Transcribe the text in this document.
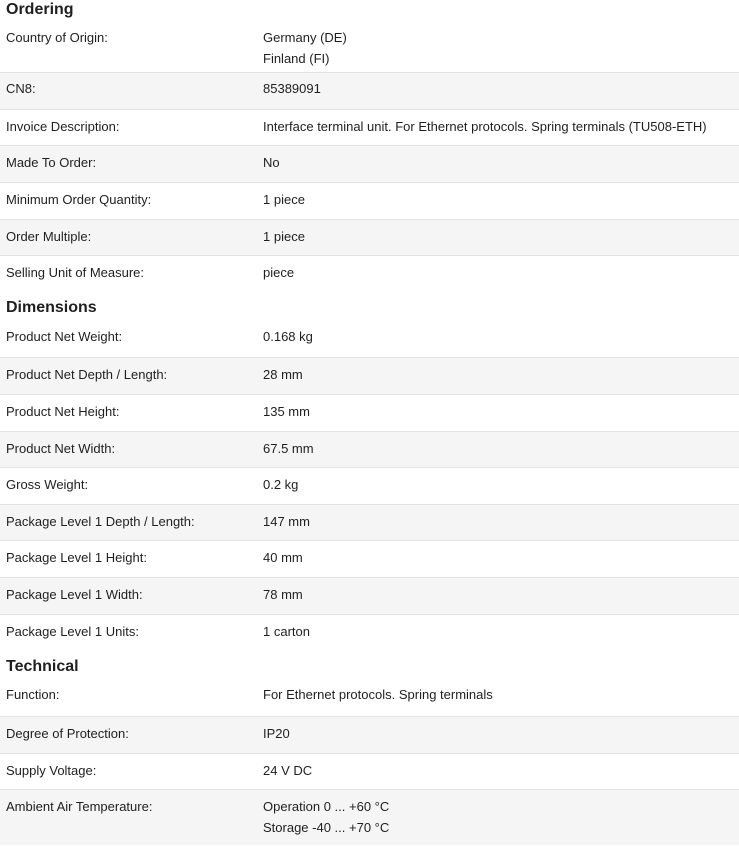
Ordering
Country of Origin:	Germany (DE)
Finland (FI)
CN8:	85389091
Invoice Description:	Interface terminal unit. For Ethernet protocols. Spring terminals (TU508-ETH)
Made To Order:	No
Minimum Order Quantity:	1 piece
Order Multiple:	1 piece
Selling Unit of Measure:	piece
Dimensions
Product Net Weight:	0.168 kg
Product Net Depth / Length:	28 mm
Product Net Height:	135 mm
Product Net Width:	67.5 mm
Gross Weight:	0.2 kg
Package Level 1 Depth / Length:	147 mm
Package Level 1 Height:	40 mm
Package Level 1 Width:	78 mm
Package Level 1 Units:	1 carton
Technical
Function:	For Ethernet protocols. Spring terminals
Degree of Protection:	IP20
Supply Voltage:	24 V DC
Ambient Air Temperature:	Operation 0 ... +60 °C
Storage -40 ... +70 °C
